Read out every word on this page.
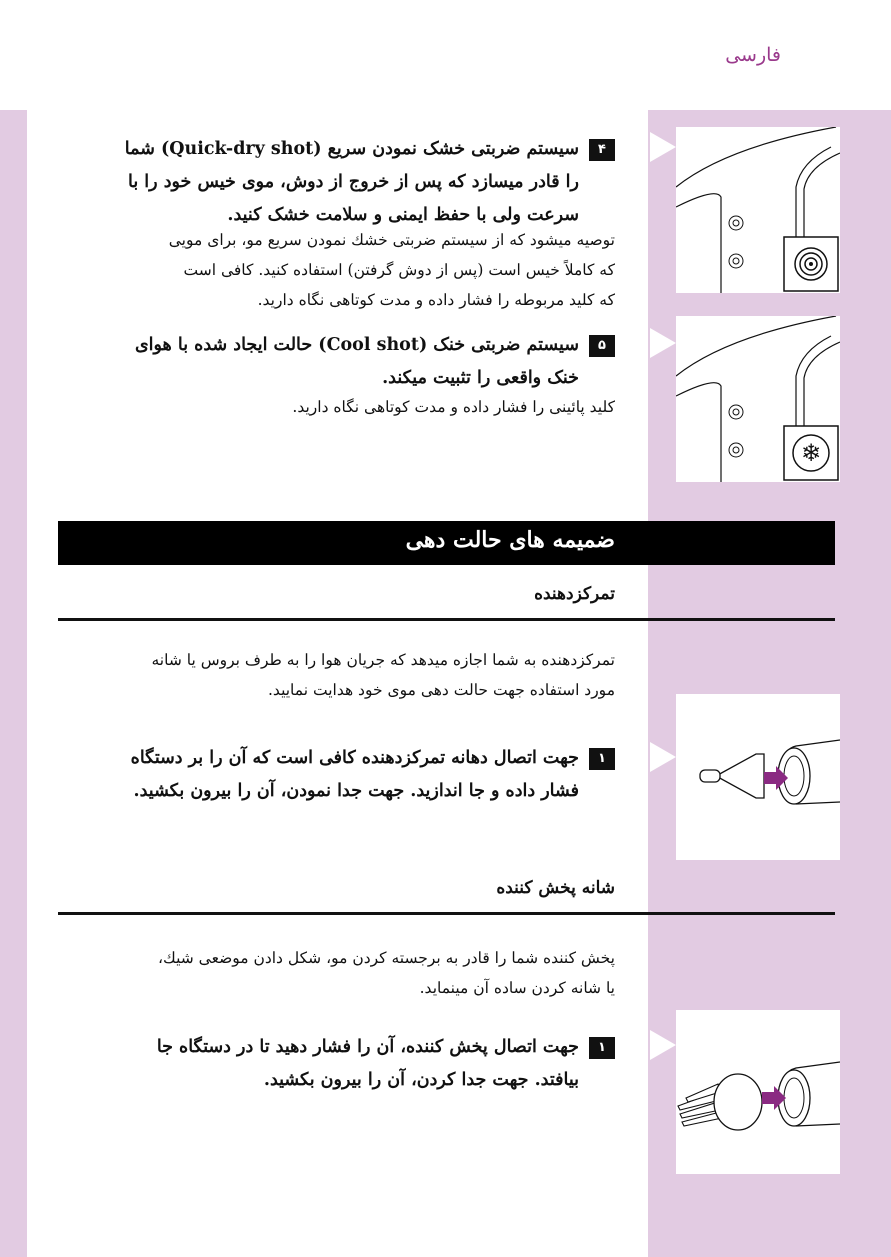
فارسی
❄
۴سیستم ضربتی خشک نمودن سریع (Quick-dry shot) شما
را قادر میسازد که پس از خروج از دوش، موی خیس خود را با
سرعت ولی با حفظ ایمنی و سلامت خشک کنید.
توصیه میشود که از سیستم ضربتی خشك نمودن سریع مو، برای مویی
که کاملاً خیس است (پس از دوش گرفتن) استفاده کنید. کافی است
که کلید مربوطه را فشار داده و مدت کوتاهی نگاه دارید.
۵سیستم ضربتی خنک (Cool shot) حالت ایجاد شده با هوای
خنک واقعی را تثبیت میکند.
کلید پائینی را فشار داده و مدت کوتاهی نگاه دارید.
ضمیمه های حالت دهی
تمرکزدهنده
تمرکزدهنده به شما اجازه میدهد که جریان هوا را به طرف بروس یا شانه
مورد استفاده جهت حالت دهی موی خود هدایت نمایید.
۱جهت اتصال دهانه تمرکزدهنده کافی است که آن را بر دستگاه
فشار داده و جا اندازید. جهت جدا نمودن، آن را بیرون بکشید.
شانه پخش کننده
پخش کننده شما را قادر به برجسته کردن مو، شکل دادن موضعی شیك،
یا شانه کردن ساده آن مینماید.
۱جهت اتصال پخش کننده، آن را فشار دهید تا در دستگاه جا
بیافتد. جهت جدا کردن، آن را بیرون بکشید.
